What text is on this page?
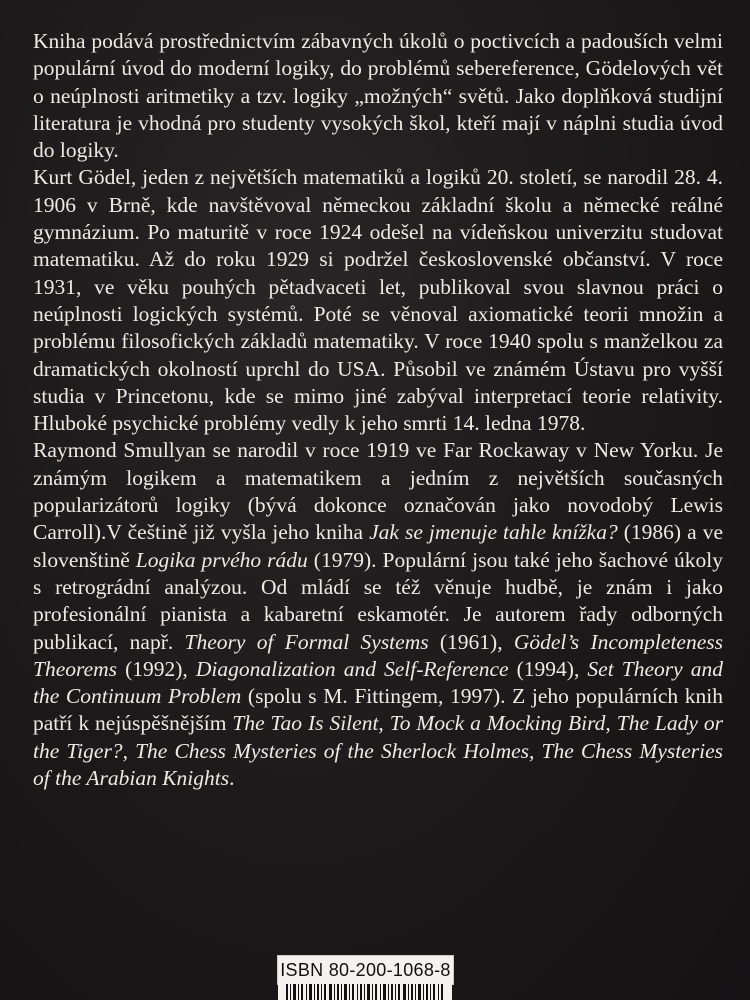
Kniha podává prostřednictvím zábavných úkolů o poctivcích a padouších velmi populární úvod do moderní logiky, do problémů sebereference, Gödelových vět o neúplnosti aritmetiky a tzv. logiky „možných“ světů. Jako doplňková studijní literatura je vhodná pro studenty vysokých škol, kteří mají v náplni studia úvod do logiky.

Kurt Gödel, jeden z největších matematiků a logiků 20. století, se narodil 28. 4. 1906 v Brně, kde navštěvoval německou základní školu a německé reálné gymnázium. Po maturitě v roce 1924 odešel na vídeňskou univerzitu studovat matematiku. Až do roku 1929 si podržel československé občanství. V roce 1931, ve věku pouhých pětadvaceti let, publikoval svou slavnou práci o neúplnosti logických systémů. Poté se věnoval axiomatické teorii množin a problému filosofických základů matematiky. V roce 1940 spolu s manželkou za dramatických okolností uprchl do USA. Působil ve známém Ústavu pro vyšší studia v Princetonu, kde se mimo jiné zabýval interpretací teorie relativity. Hluboké psychické problémy vedly k jeho smrti 14. ledna 1978.

Raymond Smullyan se narodil v roce 1919 ve Far Rockaway v New Yorku. Je známým logikem a matematikem a jedním z největších současných popularizátorů logiky (bývá dokonce označován jako novodobý Lewis Carroll).V češtině již vyšla jeho kniha Jak se jmenuje tahle knížka? (1986) a ve slovenštině Logika prvého rádu (1979). Populární jsou také jeho šachové úkoly s retrográdní analýzou. Od mládí se též věnuje hudbě, je znám i jako profesionální pianista a kabaretní eskamotér. Je autorem řady odborných publikací, např. Theory of Formal Systems (1961), Gödel’s Incompleteness Theorems (1992), Diagonalization and Self-Reference (1994), Set Theory and the Continuum Problem (spolu s M. Fittingem, 1997). Z jeho populárních knih patří k nejúspěšnějším The Tao Is Silent, To Mock a Mocking Bird, The Lady or the Tiger?, The Chess Mysteries of the Sherlock Holmes, The Chess Mysteries of the Arabian Knights.

ISBN 80-200-1068-8
